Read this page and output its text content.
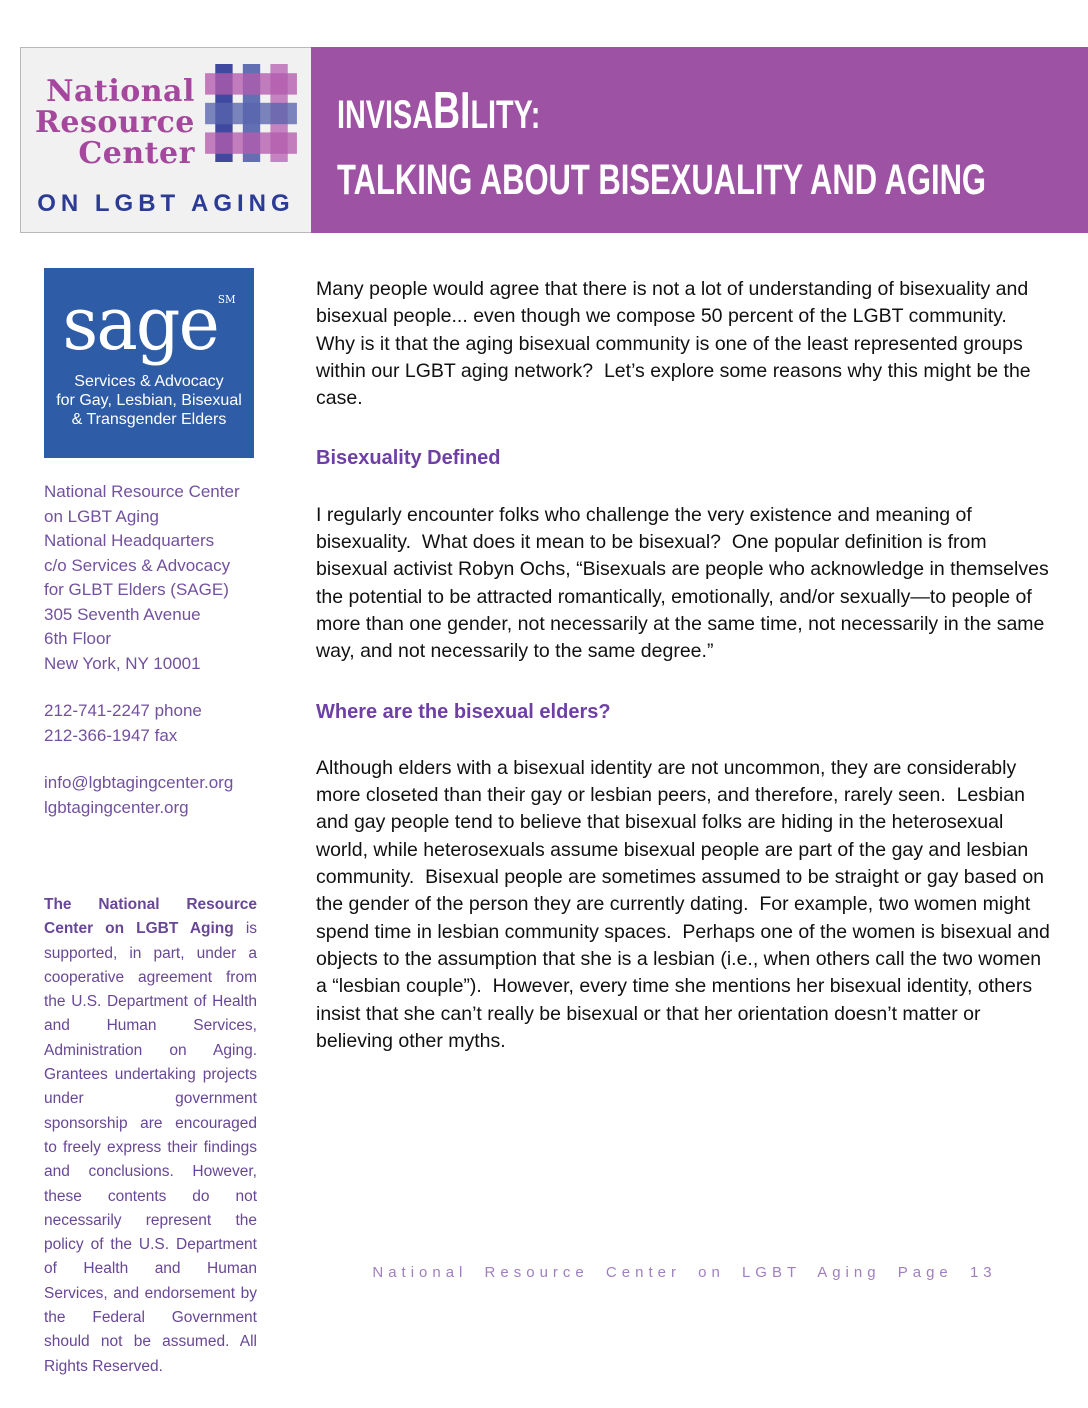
National
Resource
Center
ON LGBT AGING
INVISABILITY:
TALKING ABOUT BISEXUALITY AND AGING
sage℠
Services & Advocacy
for Gay, Lesbian, Bisexual
& Transgender Elders
National Resource Center
on LGBT Aging
National Headquarters
c/o Services & Advocacy
for GLBT Elders (SAGE)
305 Seventh Avenue
6th Floor
New York, NY 10001
212-741-2247 phone
212-366-1947 fax
info@lgbtagingcenter.org
lgbtagingcenter.org

The National Resource Center on LGBT Aging is supported, in part, under a cooperative agreement from the U.S. Department of Health and Human Services, Administration on Aging. Grantees undertaking projects under government sponsorship are encouraged to freely express their findings and conclusions. However, these contents do not necessarily represent the policy of the U.S. Department of Health and Human Services, and endorsement by the Federal Government should not be assumed. All Rights Reserved.

Many people would agree that there is not a lot of understanding of bisexuality and bisexual people... even though we compose 50 percent of the LGBT community.  Why is it that the aging bisexual community is one of the least represented groups within our LGBT aging network?  Let’s explore some reasons why this might be the case.

Bisexuality Defined

I regularly encounter folks who challenge the very existence and meaning of bisexuality.  What does it mean to be bisexual?  One popular definition is from bisexual activist Robyn Ochs, “Bisexuals are people who acknowledge in themselves the potential to be attracted romantically, emotionally, and/or sexually—to people of more than one gender, not necessarily at the same time, not necessarily in the same way, and not necessarily to the same degree.”

Where are the bisexual elders?

Although elders with a bisexual identity are not uncommon, they are considerably more closeted than their gay or lesbian peers, and therefore, rarely seen.  Lesbian and gay people tend to believe that bisexual folks are hiding in the heterosexual world, while heterosexuals assume bisexual people are part of the gay and lesbian community.  Bisexual people are sometimes assumed to be straight or gay based on the gender of the person they are currently dating.  For example, two women might spend time in lesbian community spaces.  Perhaps one of the women is bisexual and objects to the assumption that she is a lesbian (i.e., when others call the two women a “lesbian couple”).  However, every time she mentions her bisexual identity, others insist that she can’t really be bisexual or that her orientation doesn’t matter or believing other myths.

National Resource Center on LGBT Aging Page 13
